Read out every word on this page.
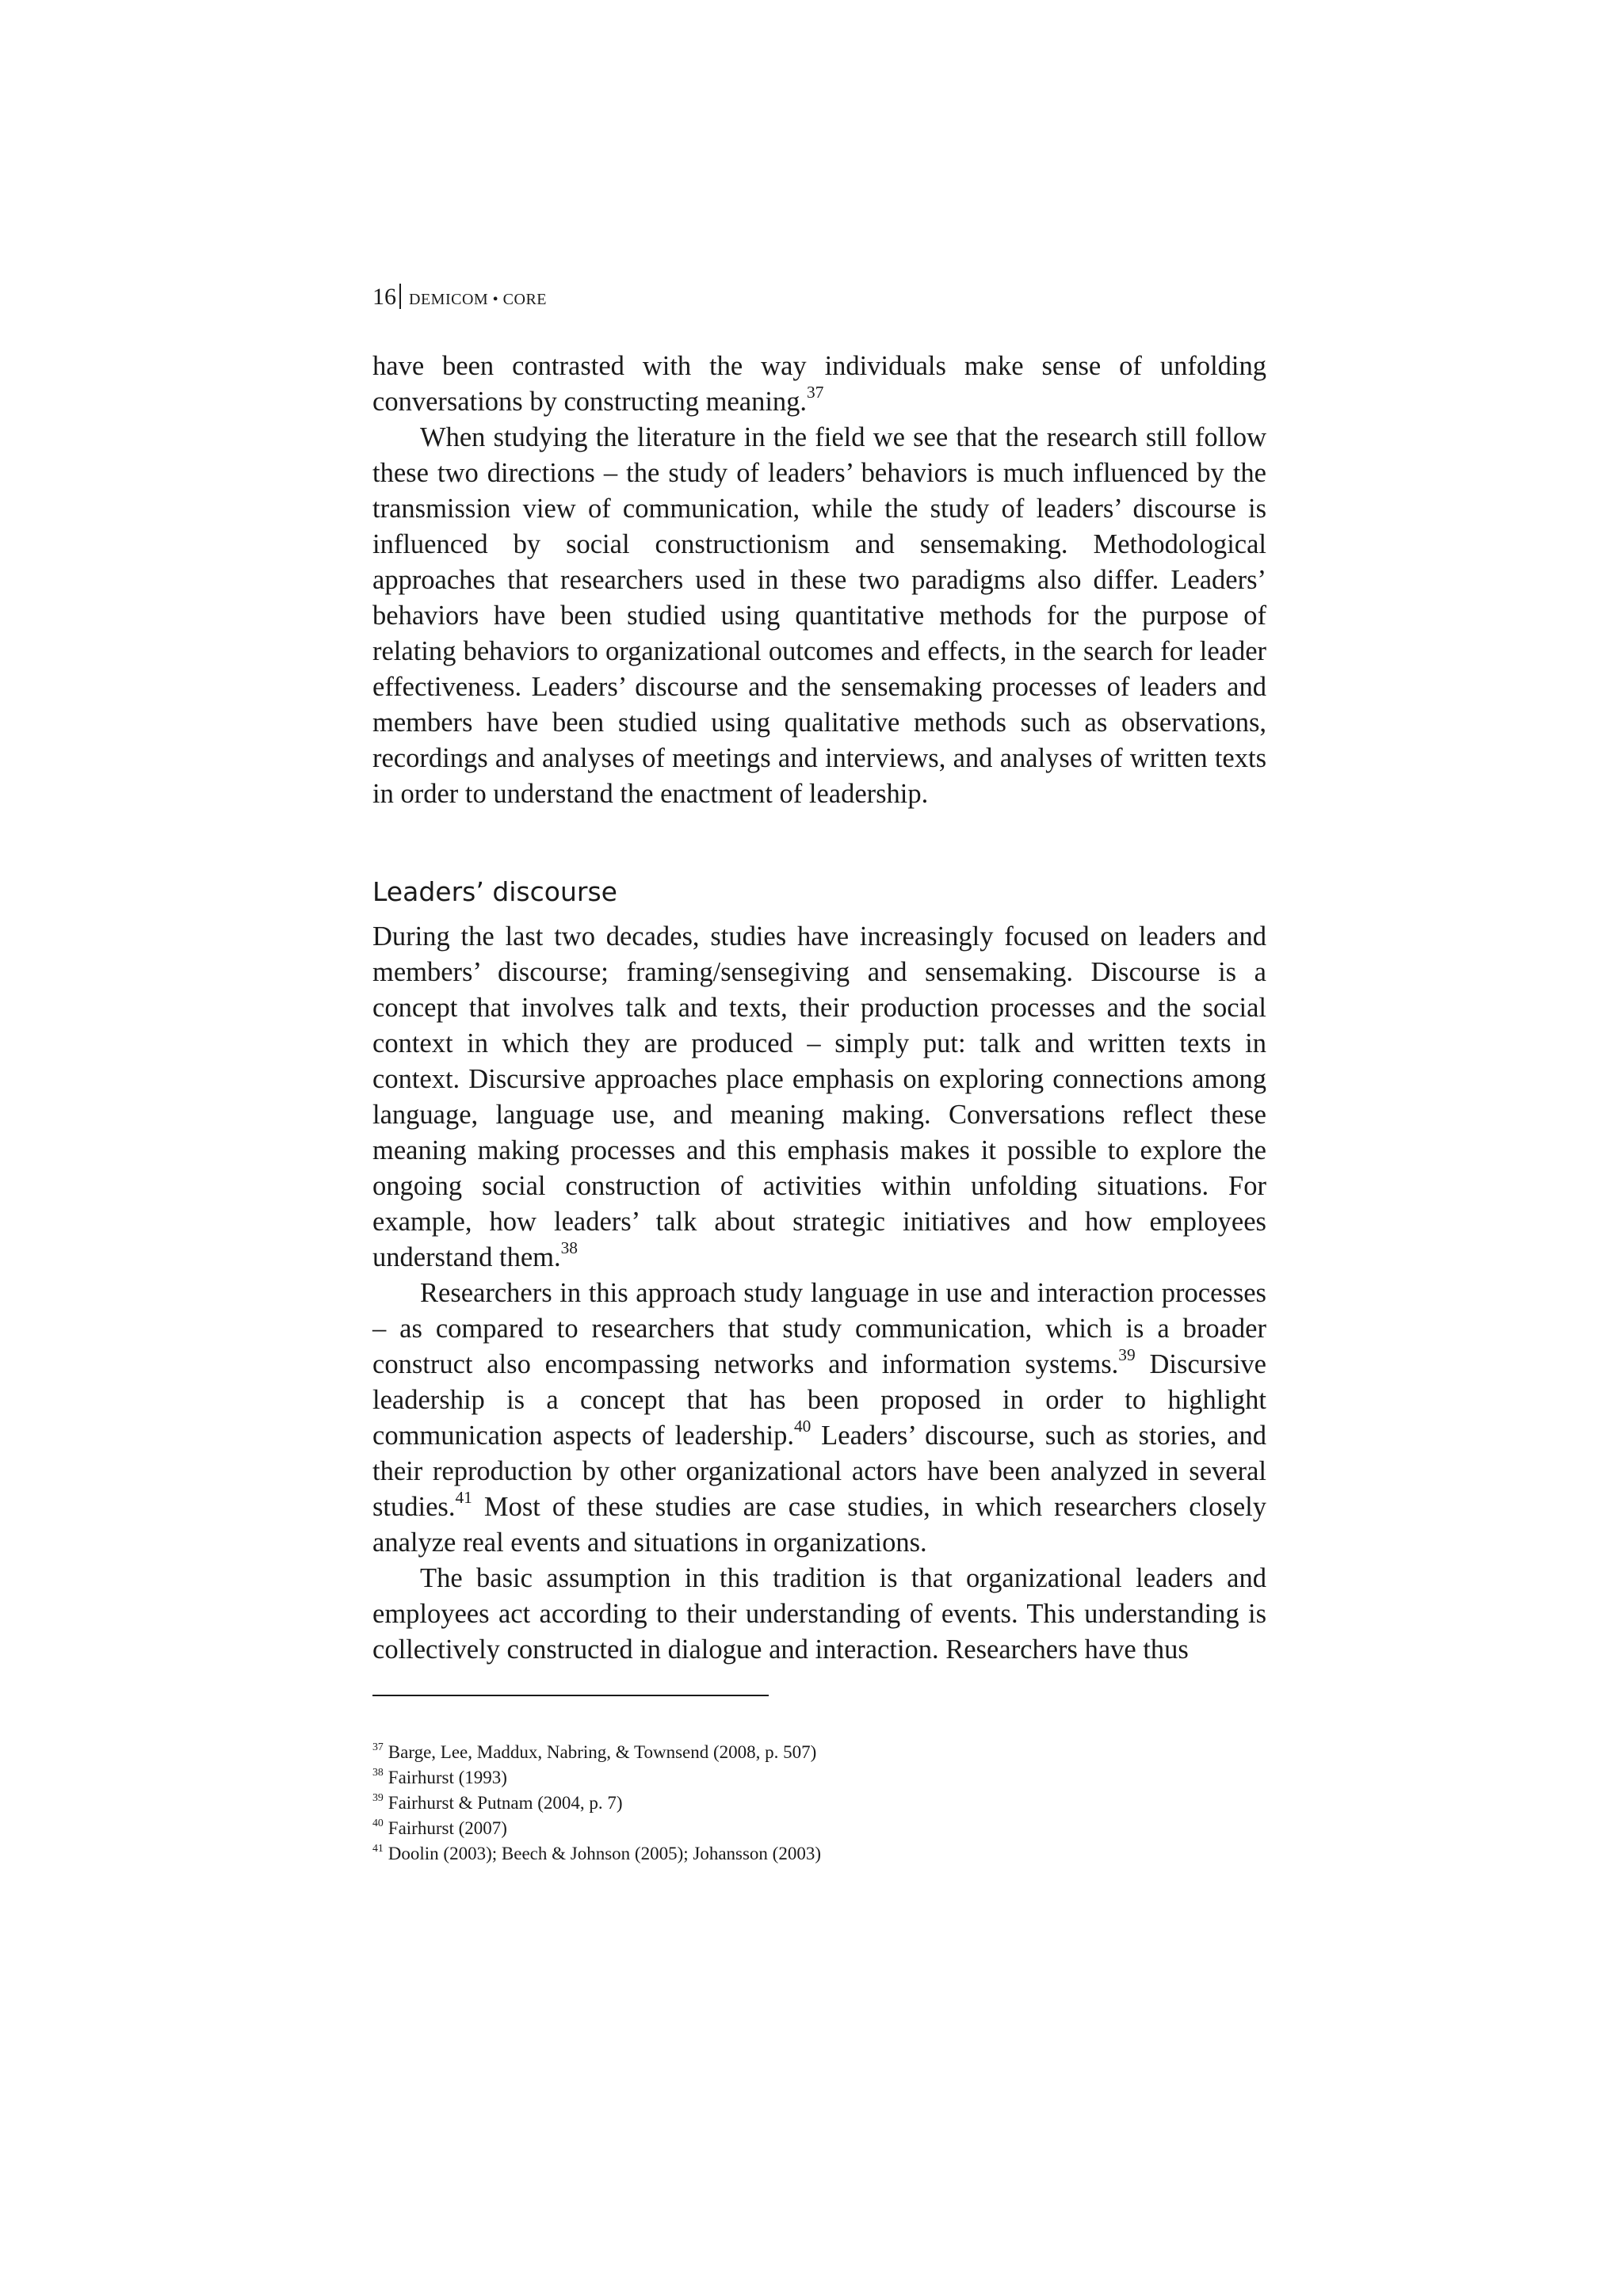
16 DEMICOM • CORE

have been contrasted with the way individuals make sense of unfolding conversations by constructing meaning.$^{37}$

When studying the literature in the field we see that the research still follow these two directions – the study of leaders’ behaviors is much influenced by the transmission view of communication, while the study of leaders’ discourse is influenced by social constructionism and sensemaking. Methodological approaches that researchers used in these two paradigms also differ. Leaders’ behaviors have been studied using quantitative methods for the purpose of relating behaviors to organizational outcomes and effects, in the search for leader effectiveness. Leaders’ discourse and the sensemaking processes of leaders and members have been studied using qualitative methods such as observations, recordings and analyses of meetings and interviews, and analyses of written texts in order to understand the enactment of leadership.

Leaders’ discourse

During the last two decades, studies have increasingly focused on leaders and members’ discourse; framing/sensegiving and sensemaking. Discourse is a concept that involves talk and texts, their production processes and the social context in which they are produced – simply put: talk and written texts in context. Discursive approaches place emphasis on exploring connections among language, language use, and meaning making. Conversations reflect these meaning making processes and this emphasis makes it possible to explore the ongoing social construction of activities within unfolding situations. For example, how leaders’ talk about strategic initiatives and how employees understand them.$^{38}$

Researchers in this approach study language in use and interaction processes – as compared to researchers that study communication, which is a broader construct also encompassing networks and information systems.$^{39}$ Discursive leadership is a concept that has been proposed in order to highlight communication aspects of leadership.$^{40}$ Leaders’ discourse, such as stories, and their reproduction by other organizational actors have been analyzed in several studies.$^{41}$ Most of these studies are case studies, in which researchers closely analyze real events and situations in organizations.

The basic assumption in this tradition is that organizational leaders and employees act according to their understanding of events. This understanding is collectively constructed in dialogue and interaction. Researchers have thus

$^{37}$ Barge, Lee, Maddux, Nabring, & Townsend (2008, p. 507)
$^{38}$ Fairhurst (1993)
$^{39}$ Fairhurst & Putnam (2004, p. 7)
$^{40}$ Fairhurst (2007)
$^{41}$ Doolin (2003); Beech & Johnson (2005); Johansson (2003)
